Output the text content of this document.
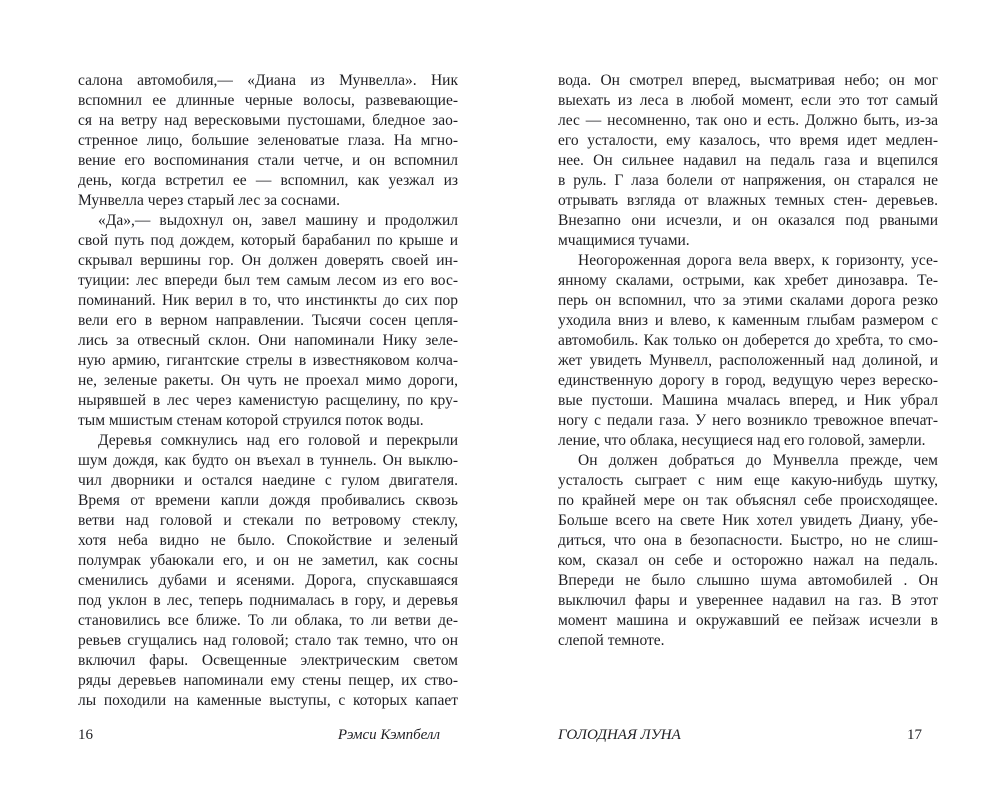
салона автомобиля,— «Диана из Мунвелла». Ник
вспомнил ее длинные черные волосы, развевающие-
ся на ветру над вересковыми пустошами, бледное зао-
стренное лицо, большие зеленоватые глаза. На мгно-
вение его воспоминания стали четче, и он вспомнил
день, когда встретил ее — вспомнил, как уезжал из
Мунвелла через старый лес за соснами.
«Да»,— выдохнул он, завел машину и продолжил
свой путь под дождем, который барабанил по крыше и
скрывал вершины гор. Он должен доверять своей ин-
туиции: лес впереди был тем самым лесом из его вос-
поминаний. Ник верил в то, что инстинкты до сих пор
вели его в верном направлении. Тысячи сосен цепля-
лись за отвесный склон. Они напоминали Нику зеле-
ную армию, гигантские стрелы в известняковом колча-
не, зеленые ракеты. Он чуть не проехал мимо дороги,
нырявшей в лес через каменистую расщелину, по кру-
тым мшистым стенам которой струился поток воды.
Деревья сомкнулись над его головой и перекрыли
шум дождя, как будто он въехал в туннель. Он выклю-
чил дворники и остался наедине с гулом двигателя.
Время от времени капли дождя пробивались сквозь
ветви над головой и стекали по ветровому стеклу,
хотя неба видно не было. Спокойствие и зеленый
полумрак убаюкали его, и он не заметил, как сосны
сменились дубами и ясенями. Дорога, спускавшаяся
под уклон в лес, теперь поднималась в гору, и деревья
становились все ближе. То ли облака, то ли ветви де-
ревьев сгущались над головой; стало так темно, что он
включил фары. Освещенные электрическим светом
ряды деревьев напоминали ему стены пещер, их ство-
лы походили на каменные выступы, с которых капает
16	Рэмси Кэмпбелл
вода. Он смотрел вперед, высматривая небо; он мог
выехать из леса в любой момент, если это тот самый
лес — несомненно, так оно и есть. Должно быть, из-за
его усталости, ему казалось, что время идет медлен-
нее. Он сильнее надавил на педаль газа и вцепился
в руль. Г лаза болели от напряжения, он старался не
отрывать взгляда от влажных темных стен- деревьев.
Внезапно они исчезли, и он оказался под рваными
мчащимися тучами.
Неогороженная дорога вела вверх, к горизонту, усе-
янному скалами, острыми, как хребет динозавра. Те-
перь он вспомнил, что за этими скалами дорога резко
уходила вниз и влево, к каменным глыбам размером с
автомобиль. Как только он доберется до хребта, то смо-
жет увидеть Мунвелл, расположенный над долиной, и
единственную дорогу в город, ведущую через вереско-
вые пустоши. Машина мчалась вперед, и Ник убрал
ногу с педали газа. У него возникло тревожное впечат-
ление, что облака, несущиеся над его головой, замерли.
Он должен добраться до Мунвелла прежде, чем
усталость сыграет с ним еще какую-нибудь шутку,
по крайней мере он так объяснял себе происходящее.
Больше всего на свете Ник хотел увидеть Диану, убе-
диться, что она в безопасности. Быстро, но не слиш-
ком, сказал он себе и осторожно нажал на педаль.
Впереди не было слышно шума автомобилей . Он
выключил фары и увереннее надавил на газ. В этот
момент машина и окружавший ее пейзаж исчезли в
слепой темноте.
ГОЛОДНАЯ ЛУНА	17
